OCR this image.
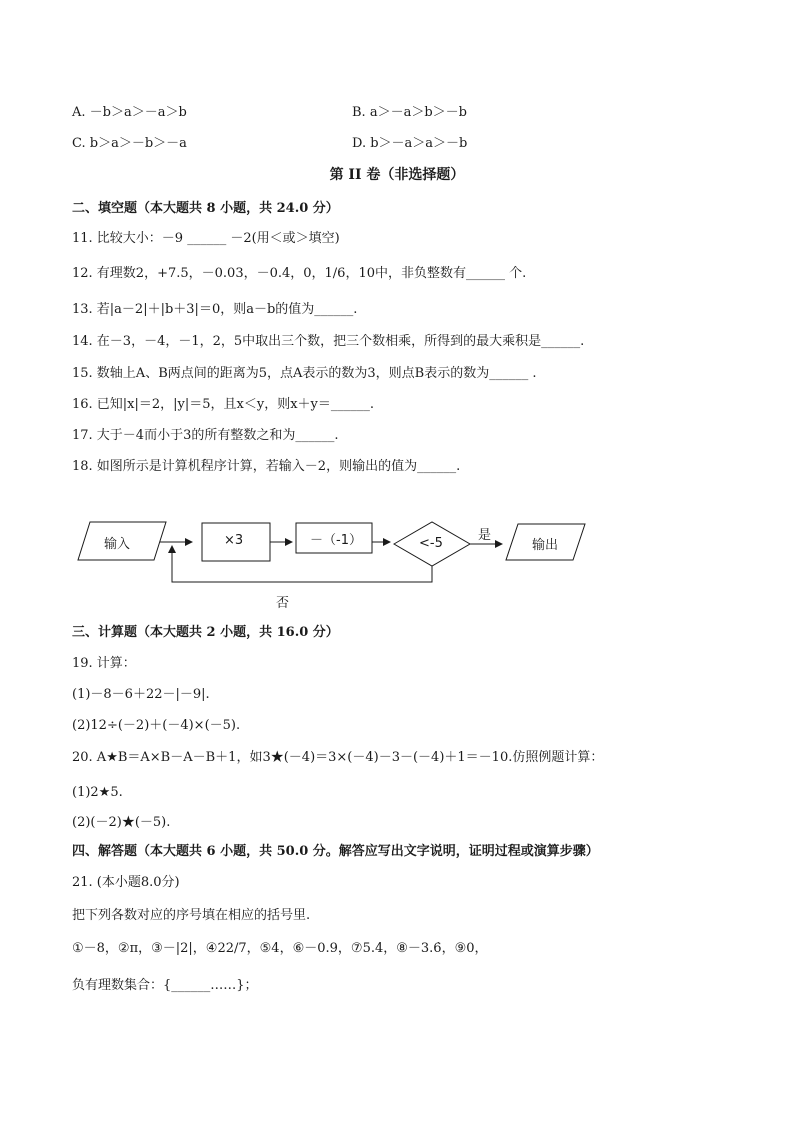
A. －b＞a＞－a＞b	B. a＞－a＞b＞－b
C. b＞a＞－b＞－a	D. b＞－a＞a＞－b
第 II 卷（非选择题）
二、填空题（本大题共 8 小题，共 24.0 分）
11. 比较大小：－9 ______ －2(用＜或＞填空)
12. 有理数2，+7.5，－0.03，－0.4，0，1/6，10中，非负整数有______ 个.
13. 若|a－2|＋|b＋3|＝0，则a－b的值为______.
14. 在－3，－4，－1，2，5中取出三个数，把三个数相乘，所得到的最大乘积是______.
15. 数轴上A、B两点间的距离为5，点A表示的数为3，则点B表示的数为______ .
16. 已知|x|＝2，|y|＝5，且x＜y，则x＋y＝______.
17. 大于－4而小于3的所有整数之和为______.
18. 如图所示是计算机程序计算，若输入－2，则输出的值为______.
输入	×3	－（-1）	<-5
是
输出
否
三、计算题（本大题共 2 小题，共 16.0 分）
19. 计算：
(1)－8－6＋22－|－9|.
(2)12÷(－2)＋(－4)×(－5).
20. A★B＝A×B－A－B＋1，如3★(－4)＝3×(－4)－3－(－4)＋1＝－10.仿照例题计算：
(1)2★5.
(2)(－2)★(－5).
四、解答题（本大题共 6 小题，共 50.0 分。解答应写出文字说明，证明过程或演算步骤）
21. (本小题8.0分)
把下列各数对应的序号填在相应的括号里.
①－8，②π，③－|2|，④22/7，⑤4，⑥－0.9，⑦5.4，⑧－3.6̇，⑨0，
负有理数集合：{______……}；
